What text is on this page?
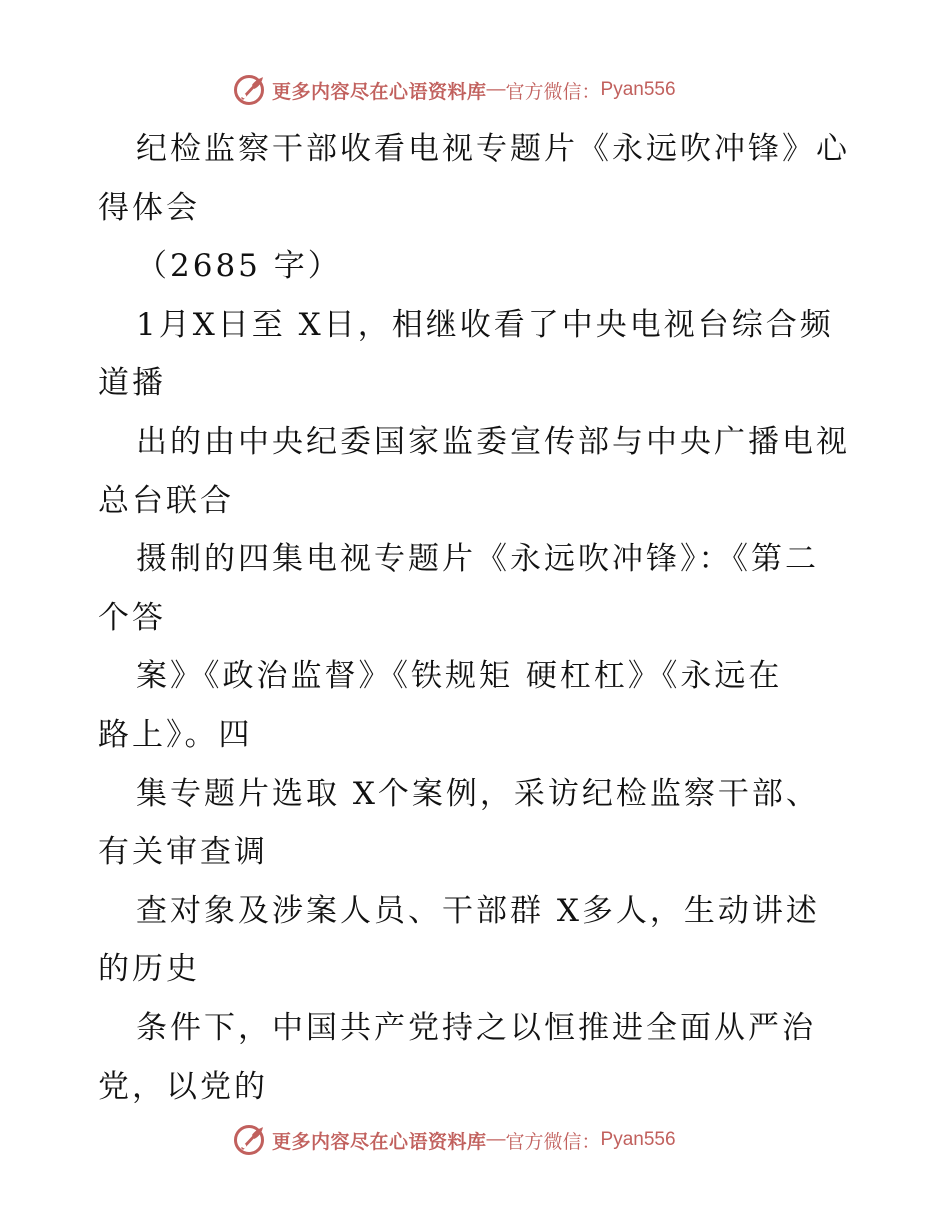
更多内容尽在心语资料库 — 官方微信： Pyan556
纪检监察干部收看电视专题片《永远吹冲锋》心
得体会
（2685 字）
1月X日至 X日，相继收看了中央电视台综合频
道播
出的由中央纪委国家监委宣传部与中央广播电视
总台联合
摄制的四集电视专题片《永远吹冲锋》：《第二
个答
案》《政治监督》《铁规矩 硬杠杠》《永远在
路上》。四
集专题片选取 X个案例，采访纪检监察干部、
有关审查调
查对象及涉案人员、干部群 X多人，生动讲述
的历史
条件下，中国共产党持之以恒推进全面从严治
党，以党的
更多内容尽在心语资料库 — 官方微信： Pyan556
